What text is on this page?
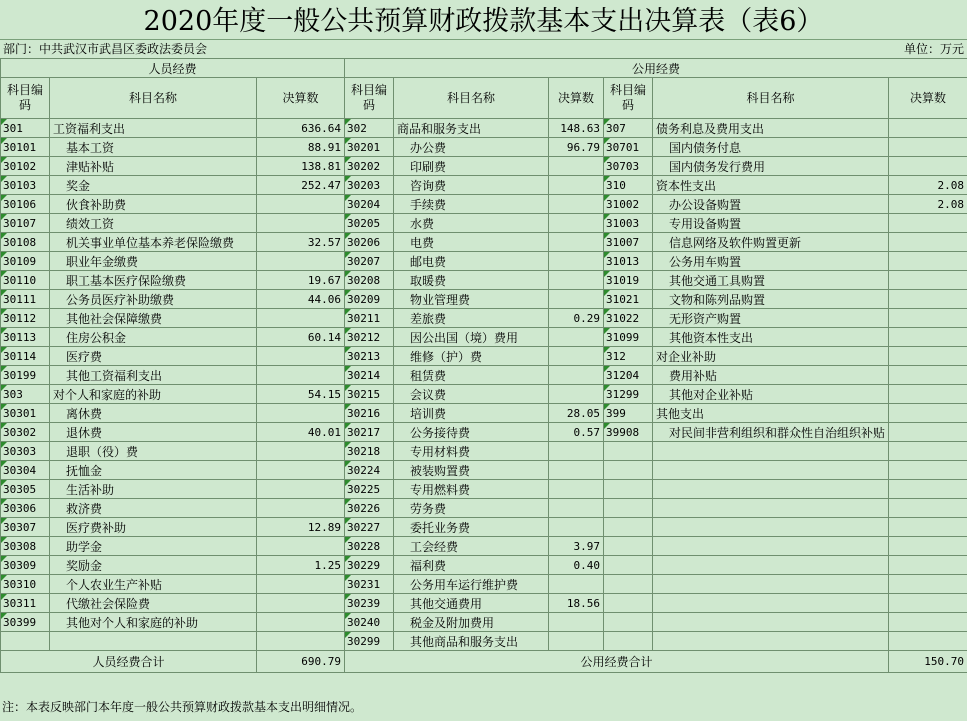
2020年度一般公共预算财政拨款基本支出决算表（表6）
部门：中共武汉市武昌区委政法委员会	单位：万元
人员经费			公用经费					
科目编码	科目名称	决算数	科目编码	科目名称	决算数	科目编码	科目名称	决算数
301	工资福利支出	636.64	302	商品和服务支出	148.63	307	债务利息及费用支出	
30101	基本工资	88.91	30201	办公费	96.79	30701	国内债务付息	
30102	津贴补贴	138.81	30202	印刷费		30703	国内债务发行费用	
30103	奖金	252.47	30203	咨询费		310	资本性支出	2.08
30106	伙食补助费		30204	手续费		31002	办公设备购置	2.08
30107	绩效工资		30205	水费		31003	专用设备购置	
30108	机关事业单位基本养老保险缴费	32.57	30206	电费		31007	信息网络及软件购置更新	
30109	职业年金缴费		30207	邮电费		31013	公务用车购置	
30110	职工基本医疗保险缴费	19.67	30208	取暖费		31019	其他交通工具购置	
30111	公务员医疗补助缴费	44.06	30209	物业管理费		31021	文物和陈列品购置	
30112	其他社会保障缴费		30211	差旅费	0.29	31022	无形资产购置	
30113	住房公积金	60.14	30212	因公出国（境）费用		31099	其他资本性支出	
30114	医疗费		30213	维修（护）费		312	对企业补助	
30199	其他工资福利支出		30214	租赁费		31204	费用补贴	
303	对个人和家庭的补助	54.15	30215	会议费		31299	其他对企业补贴	
30301	离休费		30216	培训费	28.05	399	其他支出	
30302	退休费	40.01	30217	公务接待费	0.57	39908	对民间非营利组织和群众性自治组织补贴	
30303	退职（役）费		30218	专用材料费				
30304	抚恤金		30224	被装购置费				
30305	生活补助		30225	专用燃料费				
30306	救济费		30226	劳务费				
30307	医疗费补助	12.89	30227	委托业务费				
30308	助学金		30228	工会经费	3.97			
30309	奖励金	1.25	30229	福利费	0.40			
30310	个人农业生产补贴		30231	公务用车运行维护费				
30311	代缴社会保险费		30239	其他交通费用	18.56			
30399	其他对个人和家庭的补助		30240	税金及附加费用				
			30299	其他商品和服务支出				
人员经费合计		690.79	公用经费合计					150.70
注：本表反映部门本年度一般公共预算财政拨款基本支出明细情况。
